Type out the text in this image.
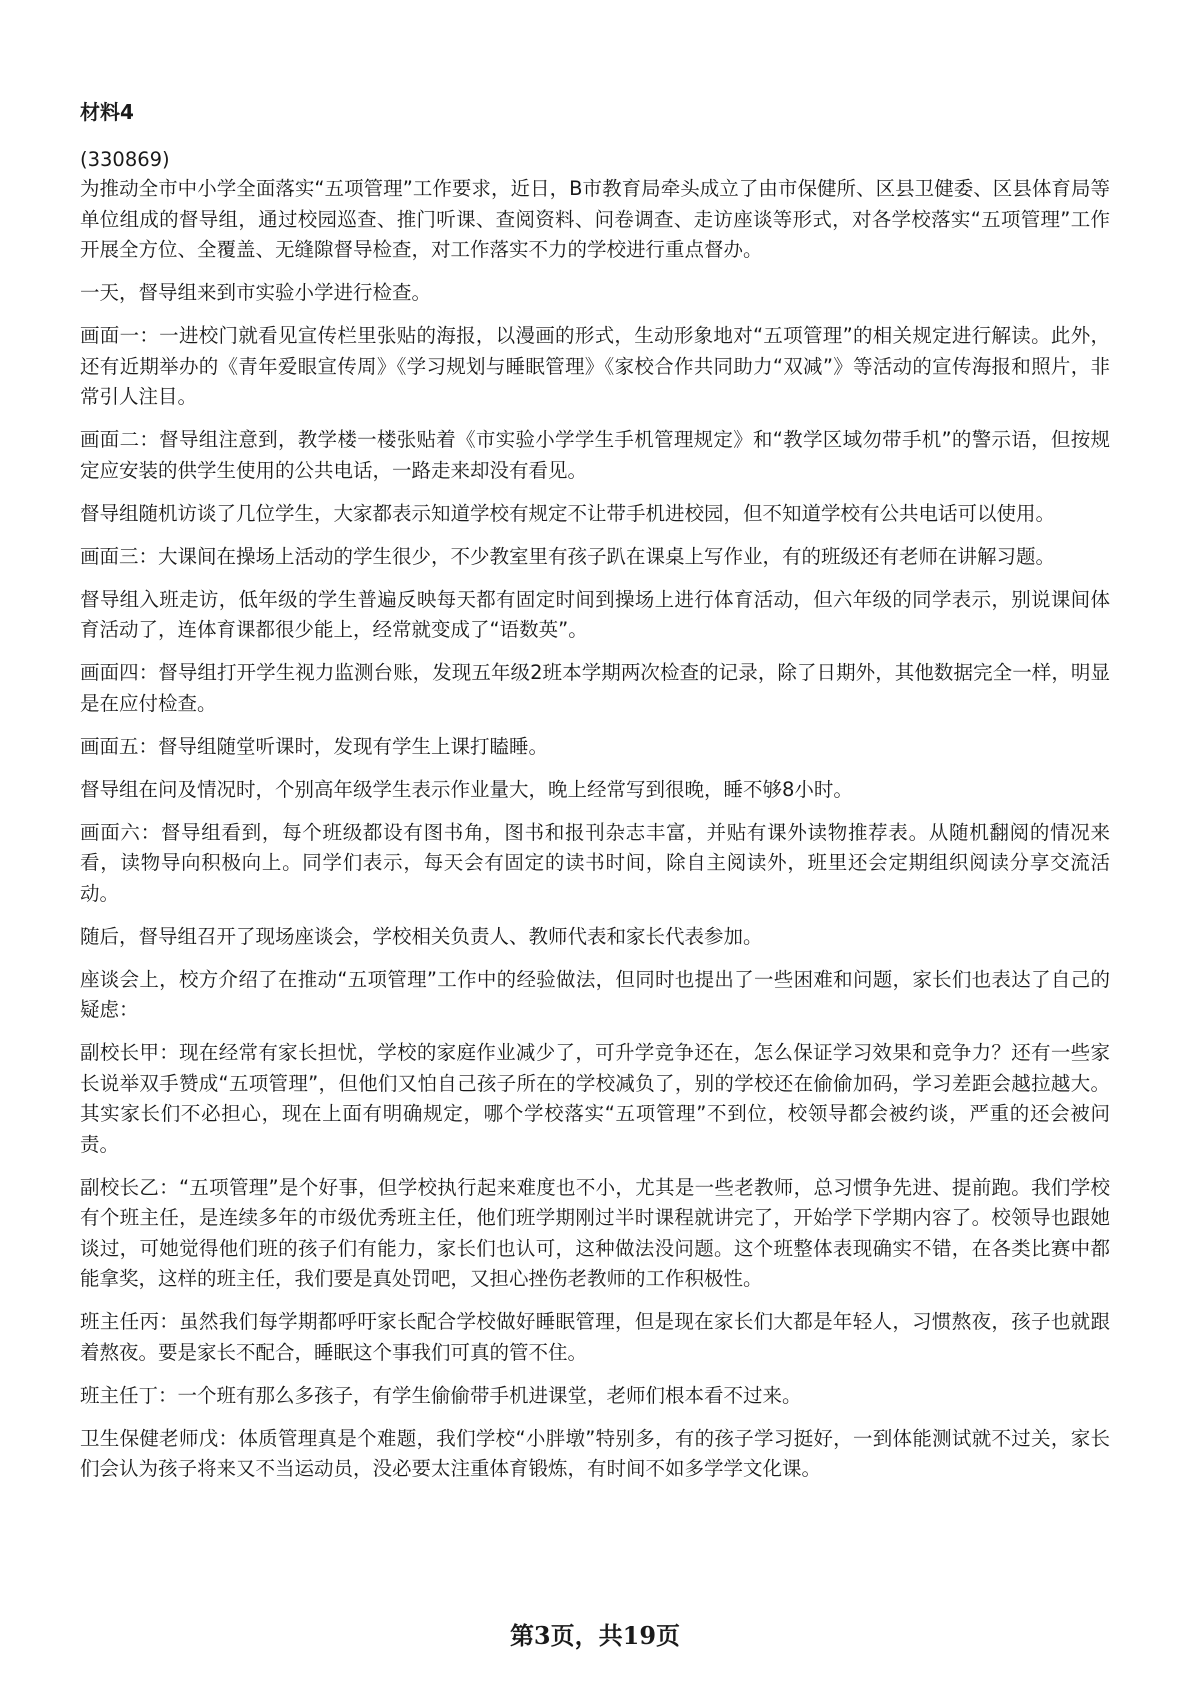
材料4

(330869)

为推动全市中小学全面落实“五项管理”工作要求，近日，B市教育局牵头成立了由市保健所、区县卫健委、区县体育局等单位组成的督导组，通过校园巡查、推门听课、查阅资料、问卷调查、走访座谈等形式，对各学校落实“五项管理”工作开展全方位、全覆盖、无缝隙督导检查，对工作落实不力的学校进行重点督办。

一天，督导组来到市实验小学进行检查。

画面一：一进校门就看见宣传栏里张贴的海报，以漫画的形式，生动形象地对“五项管理”的相关规定进行解读。此外，还有近期举办的《青年爱眼宣传周》《学习规划与睡眠管理》《家校合作共同助力“双减”》等活动的宣传海报和照片，非常引人注目。

画面二：督导组注意到，教学楼一楼张贴着《市实验小学学生手机管理规定》和“教学区域勿带手机”的警示语，但按规定应安装的供学生使用的公共电话，一路走来却没有看见。

督导组随机访谈了几位学生，大家都表示知道学校有规定不让带手机进校园，但不知道学校有公共电话可以使用。

画面三：大课间在操场上活动的学生很少，不少教室里有孩子趴在课桌上写作业，有的班级还有老师在讲解习题。

督导组入班走访，低年级的学生普遍反映每天都有固定时间到操场上进行体育活动，但六年级的同学表示，别说课间体育活动了，连体育课都很少能上，经常就变成了“语数英”。

画面四：督导组打开学生视力监测台账，发现五年级2班本学期两次检查的记录，除了日期外，其他数据完全一样，明显是在应付检查。

画面五：督导组随堂听课时，发现有学生上课打瞌睡。

督导组在问及情况时，个别高年级学生表示作业量大，晚上经常写到很晚，睡不够8小时。

画面六：督导组看到，每个班级都设有图书角，图书和报刊杂志丰富，并贴有课外读物推荐表。从随机翻阅的情况来看，读物导向积极向上。同学们表示，每天会有固定的读书时间，除自主阅读外，班里还会定期组织阅读分享交流活动。

随后，督导组召开了现场座谈会，学校相关负责人、教师代表和家长代表参加。

座谈会上，校方介绍了在推动“五项管理”工作中的经验做法，但同时也提出了一些困难和问题，家长们也表达了自己的疑虑：

副校长甲：现在经常有家长担忧，学校的家庭作业减少了，可升学竞争还在，怎么保证学习效果和竞争力？还有一些家长说举双手赞成“五项管理”，但他们又怕自己孩子所在的学校减负了，别的学校还在偷偷加码，学习差距会越拉越大。其实家长们不必担心，现在上面有明确规定，哪个学校落实“五项管理”不到位，校领导都会被约谈，严重的还会被问责。

副校长乙：“五项管理”是个好事，但学校执行起来难度也不小，尤其是一些老教师，总习惯争先进、提前跑。我们学校有个班主任，是连续多年的市级优秀班主任，他们班学期刚过半时课程就讲完了，开始学下学期内容了。校领导也跟她谈过，可她觉得他们班的孩子们有能力，家长们也认可，这种做法没问题。这个班整体表现确实不错，在各类比赛中都能拿奖，这样的班主任，我们要是真处罚吧，又担心挫伤老教师的工作积极性。

班主任丙：虽然我们每学期都呼吁家长配合学校做好睡眠管理，但是现在家长们大都是年轻人，习惯熬夜，孩子也就跟着熬夜。要是家长不配合，睡眠这个事我们可真的管不住。

班主任丁：一个班有那么多孩子，有学生偷偷带手机进课堂，老师们根本看不过来。

卫生保健老师戊：体质管理真是个难题，我们学校“小胖墩”特别多，有的孩子学习挺好，一到体能测试就不过关，家长们会认为孩子将来又不当运动员，没必要太注重体育锻炼，有时间不如多学学文化课。

第3页，共19页
